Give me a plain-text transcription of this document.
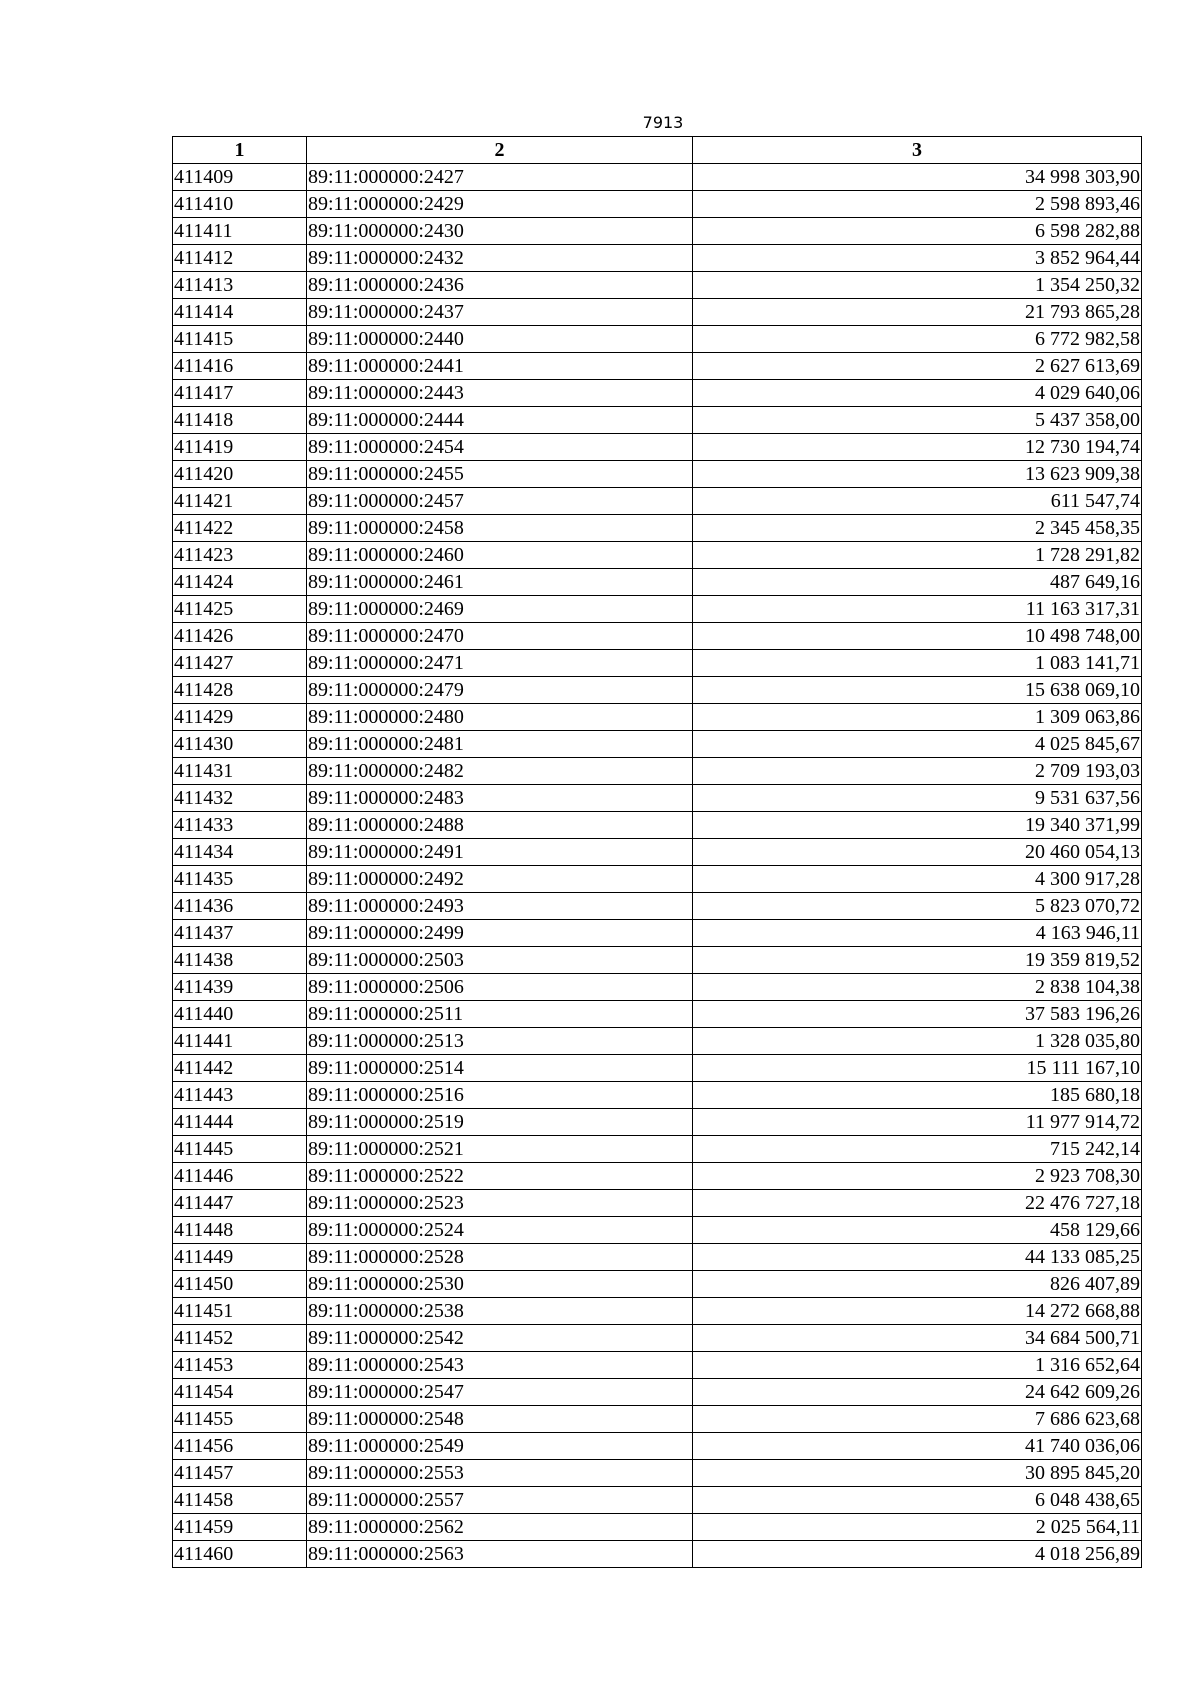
7913
1	2	3
411409	89:11:000000:2427	34 998 303,90
411410	89:11:000000:2429	2 598 893,46
411411	89:11:000000:2430	6 598 282,88
411412	89:11:000000:2432	3 852 964,44
411413	89:11:000000:2436	1 354 250,32
411414	89:11:000000:2437	21 793 865,28
411415	89:11:000000:2440	6 772 982,58
411416	89:11:000000:2441	2 627 613,69
411417	89:11:000000:2443	4 029 640,06
411418	89:11:000000:2444	5 437 358,00
411419	89:11:000000:2454	12 730 194,74
411420	89:11:000000:2455	13 623 909,38
411421	89:11:000000:2457	611 547,74
411422	89:11:000000:2458	2 345 458,35
411423	89:11:000000:2460	1 728 291,82
411424	89:11:000000:2461	487 649,16
411425	89:11:000000:2469	11 163 317,31
411426	89:11:000000:2470	10 498 748,00
411427	89:11:000000:2471	1 083 141,71
411428	89:11:000000:2479	15 638 069,10
411429	89:11:000000:2480	1 309 063,86
411430	89:11:000000:2481	4 025 845,67
411431	89:11:000000:2482	2 709 193,03
411432	89:11:000000:2483	9 531 637,56
411433	89:11:000000:2488	19 340 371,99
411434	89:11:000000:2491	20 460 054,13
411435	89:11:000000:2492	4 300 917,28
411436	89:11:000000:2493	5 823 070,72
411437	89:11:000000:2499	4 163 946,11
411438	89:11:000000:2503	19 359 819,52
411439	89:11:000000:2506	2 838 104,38
411440	89:11:000000:2511	37 583 196,26
411441	89:11:000000:2513	1 328 035,80
411442	89:11:000000:2514	15 111 167,10
411443	89:11:000000:2516	185 680,18
411444	89:11:000000:2519	11 977 914,72
411445	89:11:000000:2521	715 242,14
411446	89:11:000000:2522	2 923 708,30
411447	89:11:000000:2523	22 476 727,18
411448	89:11:000000:2524	458 129,66
411449	89:11:000000:2528	44 133 085,25
411450	89:11:000000:2530	826 407,89
411451	89:11:000000:2538	14 272 668,88
411452	89:11:000000:2542	34 684 500,71
411453	89:11:000000:2543	1 316 652,64
411454	89:11:000000:2547	24 642 609,26
411455	89:11:000000:2548	7 686 623,68
411456	89:11:000000:2549	41 740 036,06
411457	89:11:000000:2553	30 895 845,20
411458	89:11:000000:2557	6 048 438,65
411459	89:11:000000:2562	2 025 564,11
411460	89:11:000000:2563	4 018 256,89
